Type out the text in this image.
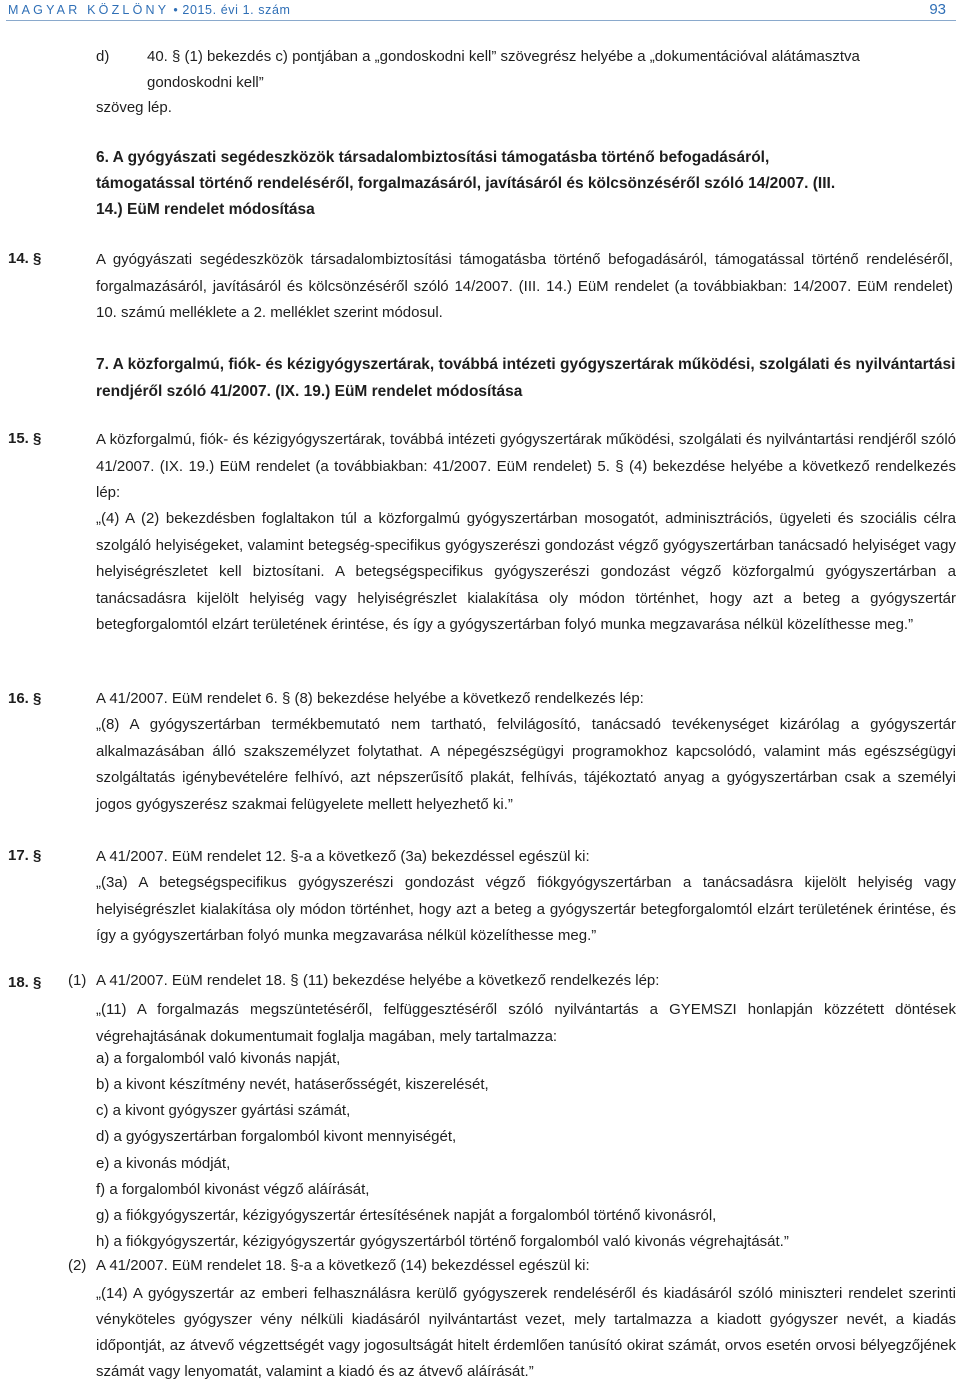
MAGYAR KÖZLÖNY • 2015. évi 1. szám	93
d)	40. § (1) bekezdés c) pontjában a „gondoskodni kell” szövegrész helyébe a „dokumentációval alátámasztva
gondoskodni kell”
szöveg lép.
6. A gyógyászati segédeszközök társadalombiztosítási támogatásba történő befogadásáról, támogatással történő rendeléséről, forgalmazásáról, javításáról és kölcsönzéséről szóló 14/2007. (III. 14.) EüM rendelet módosítása
14. §	A gyógyászati segédeszközök társadalombiztosítási támogatásba történő befogadásáról, támogatással történő rendeléséről, forgalmazásáról, javításáról és kölcsönzéséről szóló 14/2007. (III. 14.) EüM rendelet (a továbbiakban: 14/2007. EüM rendelet) 10. számú melléklete a 2. melléklet szerint módosul.
7. A közforgalmú, fiók- és kézigyógyszertárak, továbbá intézeti gyógyszertárak működési, szolgálati és nyilvántartási rendjéről szóló 41/2007. (IX. 19.) EüM rendelet módosítása
15. §	A közforgalmú, fiók- és kézigyógyszertárak, továbbá intézeti gyógyszertárak működési, szolgálati és nyilvántartási rendjéről szóló 41/2007. (IX. 19.) EüM rendelet (a továbbiakban: 41/2007. EüM rendelet) 5. § (4) bekezdése helyébe a következő rendelkezés lép:
„(4) A (2) bekezdésben foglaltakon túl a közforgalmú gyógyszertárban mosogatót, adminisztrációs, ügyeleti és szociális célra szolgáló helyiségeket, valamint betegség-specifikus gyógyszerészi gondozást végző gyógyszertárban tanácsadó helyiséget vagy helyiségrészletet kell biztosítani. A betegségspecifikus gyógyszerészi gondozást végző közforgalmú gyógyszertárban a tanácsadásra kijelölt helyiség vagy helyiségrészlet kialakítása oly módon történhet, hogy azt a beteg a gyógyszertár betegforgalomtól elzárt területének érintése, és így a gyógyszertárban folyó munka megzavarása nélkül közelíthesse meg.”
16. §	A 41/2007. EüM rendelet 6. § (8) bekezdése helyébe a következő rendelkezés lép:
„(8) A gyógyszertárban termékbemutató nem tartható, felvilágosító, tanácsadó tevékenységet kizárólag a gyógyszertár alkalmazásában álló szakszemélyzet folytathat. A népegészségügyi programokhoz kapcsolódó, valamint más egészségügyi szolgáltatás igénybevételére felhívó, azt népszerűsítő plakát, felhívás, tájékoztató anyag a gyógyszertárban csak a személyi jogos gyógyszerész szakmai felügyelete mellett helyezhető ki.”
17. §	A 41/2007. EüM rendelet 12. §-a a következő (3a) bekezdéssel egészül ki:
„(3a) A betegségspecifikus gyógyszerészi gondozást végző fiókgyógyszertárban a tanácsadásra kijelölt helyiség vagy helyiségrészlet kialakítása oly módon történhet, hogy azt a beteg a gyógyszertár betegforgalomtól elzárt területének érintése, és így a gyógyszertárban folyó munka megzavarása nélkül közelíthesse meg.”
18. § (1) A 41/2007. EüM rendelet 18. § (11) bekezdése helyébe a következő rendelkezés lép:
„(11) A forgalmazás megszüntetéséről, felfüggesztéséről szóló nyilvántartás a GYEMSZI honlapján közzétett döntések végrehajtásának dokumentumait foglalja magában, mely tartalmazza:
a) a forgalomból való kivonás napját,
b) a kivont készítmény nevét, hatáserősségét, kiszerelését,
c) a kivont gyógyszer gyártási számát,
d) a gyógyszertárban forgalomból kivont mennyiségét,
e) a kivonás módját,
f) a forgalomból kivonást végző aláírását,
g) a fiókgyógyszertár, kézigyógyszertár értesítésének napját a forgalomból történő kivonásról,
h) a fiókgyógyszertár, kézigyógyszertár gyógyszertárból történő forgalomból való kivonás végrehajtását.”
(2) A 41/2007. EüM rendelet 18. §-a a következő (14) bekezdéssel egészül ki:
„(14) A gyógyszertár az emberi felhasználásra kerülő gyógyszerek rendeléséről és kiadásáról szóló miniszteri rendelet szerinti vényköteles gyógyszer vény nélküli kiadásáról nyilvántartást vezet, mely tartalmazza a kiadott gyógyszer nevét, a kiadás időpontját, az átvevő végzettségét vagy jogosultságát hitelt érdemlően tanúsító okirat számát, orvos esetén orvosi bélyegzőjének számát vagy lenyomatát, valamint a kiadó és az átvevő aláírását.”
